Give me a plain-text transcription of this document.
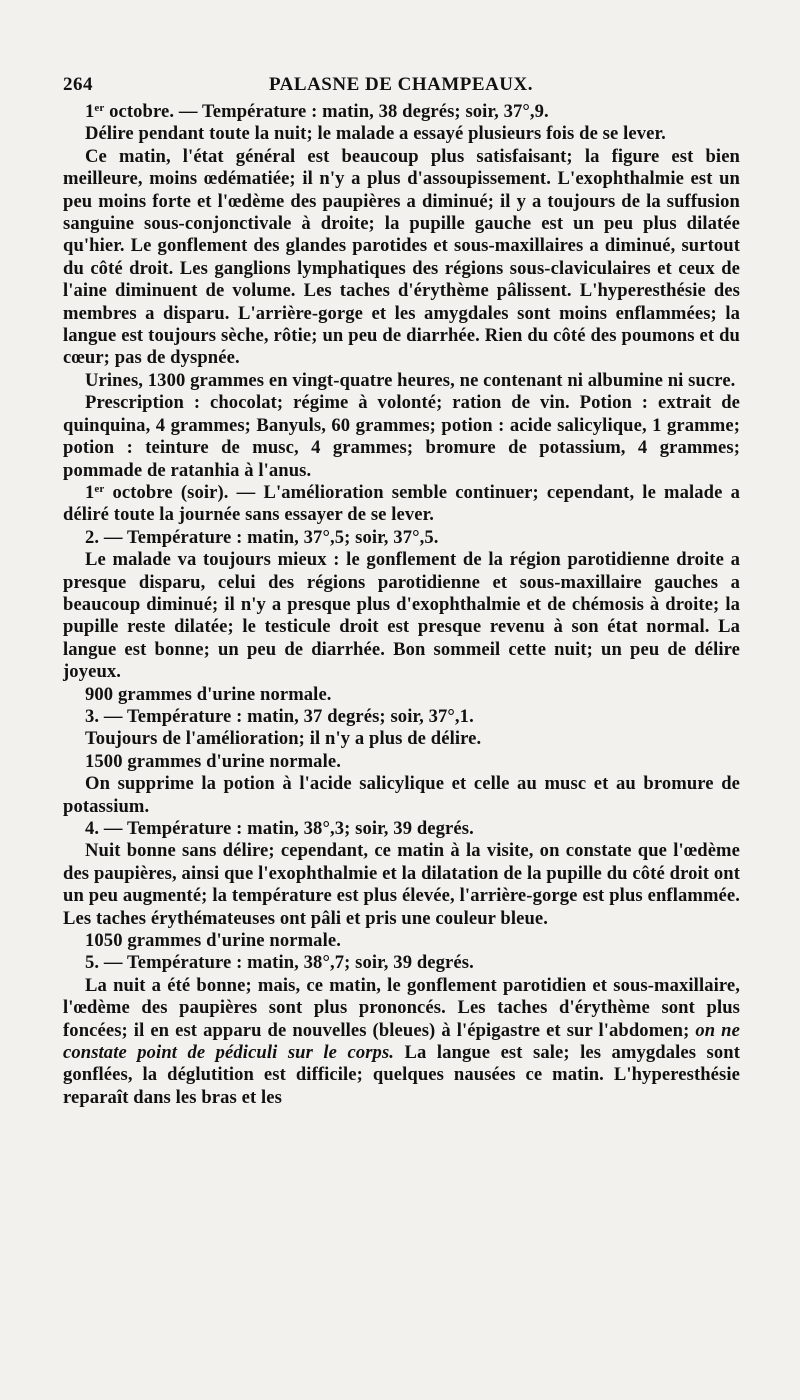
264	PALASNE DE CHAMPEAUX.

1er octobre. — Température : matin, 38 degrés; soir, 37°,9.

Délire pendant toute la nuit; le malade a essayé plusieurs fois de se lever.

Ce matin, l'état général est beaucoup plus satisfaisant; la figure est bien meilleure, moins œdématiée; il n'y a plus d'assoupissement. L'exophthalmie est un peu moins forte et l'œdème des paupières a diminué; il y a toujours de la suffusion sanguine sous-conjonctivale à droite; la pupille gauche est un peu plus dilatée qu'hier. Le gonflement des glandes parotides et sous-maxillaires a diminué, surtout du côté droit. Les ganglions lymphatiques des régions sous-claviculaires et ceux de l'aine diminuent de volume. Les taches d'érythème pâlissent. L'hyperesthésie des membres a disparu. L'arrière-gorge et les amygdales sont moins enflammées; la langue est toujours sèche, rôtie; un peu de diarrhée. Rien du côté des poumons et du cœur; pas de dyspnée.

Urines, 1300 grammes en vingt-quatre heures, ne contenant ni albumine ni sucre.

Prescription : chocolat; régime à volonté; ration de vin. Potion : extrait de quinquina, 4 grammes; Banyuls, 60 grammes; potion : acide salicylique, 1 gramme; potion : teinture de musc, 4 grammes; bromure de potassium, 4 grammes; pommade de ratanhia à l'anus.

1er octobre (soir). — L'amélioration semble continuer; cependant, le malade a déliré toute la journée sans essayer de se lever.

2. — Température : matin, 37°,5; soir, 37°,5.

Le malade va toujours mieux : le gonflement de la région parotidienne droite a presque disparu, celui des régions parotidienne et sous-maxillaire gauches a beaucoup diminué; il n'y a presque plus d'exophthalmie et de chémosis à droite; la pupille reste dilatée; le testicule droit est presque revenu à son état normal. La langue est bonne; un peu de diarrhée. Bon sommeil cette nuit; un peu de délire joyeux.

900 grammes d'urine normale.

3. — Température : matin, 37 degrés; soir, 37°,1.

Toujours de l'amélioration; il n'y a plus de délire.

1500 grammes d'urine normale.

On supprime la potion à l'acide salicylique et celle au musc et au bromure de potassium.

4. — Température : matin, 38°,3; soir, 39 degrés.

Nuit bonne sans délire; cependant, ce matin à la visite, on constate que l'œdème des paupières, ainsi que l'exophthalmie et la dilatation de la pupille du côté droit ont un peu augmenté; la température est plus élevée, l'arrière-gorge est plus enflammée. Les taches érythémateuses ont pâli et pris une couleur bleue.

1050 grammes d'urine normale.

5. — Température : matin, 38°,7; soir, 39 degrés.

La nuit a été bonne; mais, ce matin, le gonflement parotidien et sous-maxillaire, l'œdème des paupières sont plus prononcés. Les taches d'érythème sont plus foncées; il en est apparu de nouvelles (bleues) à l'épigastre et sur l'abdomen; on ne constate point de pédiculi sur le corps. La langue est sale; les amygdales sont gonflées, la déglutition est difficile; quelques nausées ce matin. L'hyperesthésie reparaît dans les bras et les
